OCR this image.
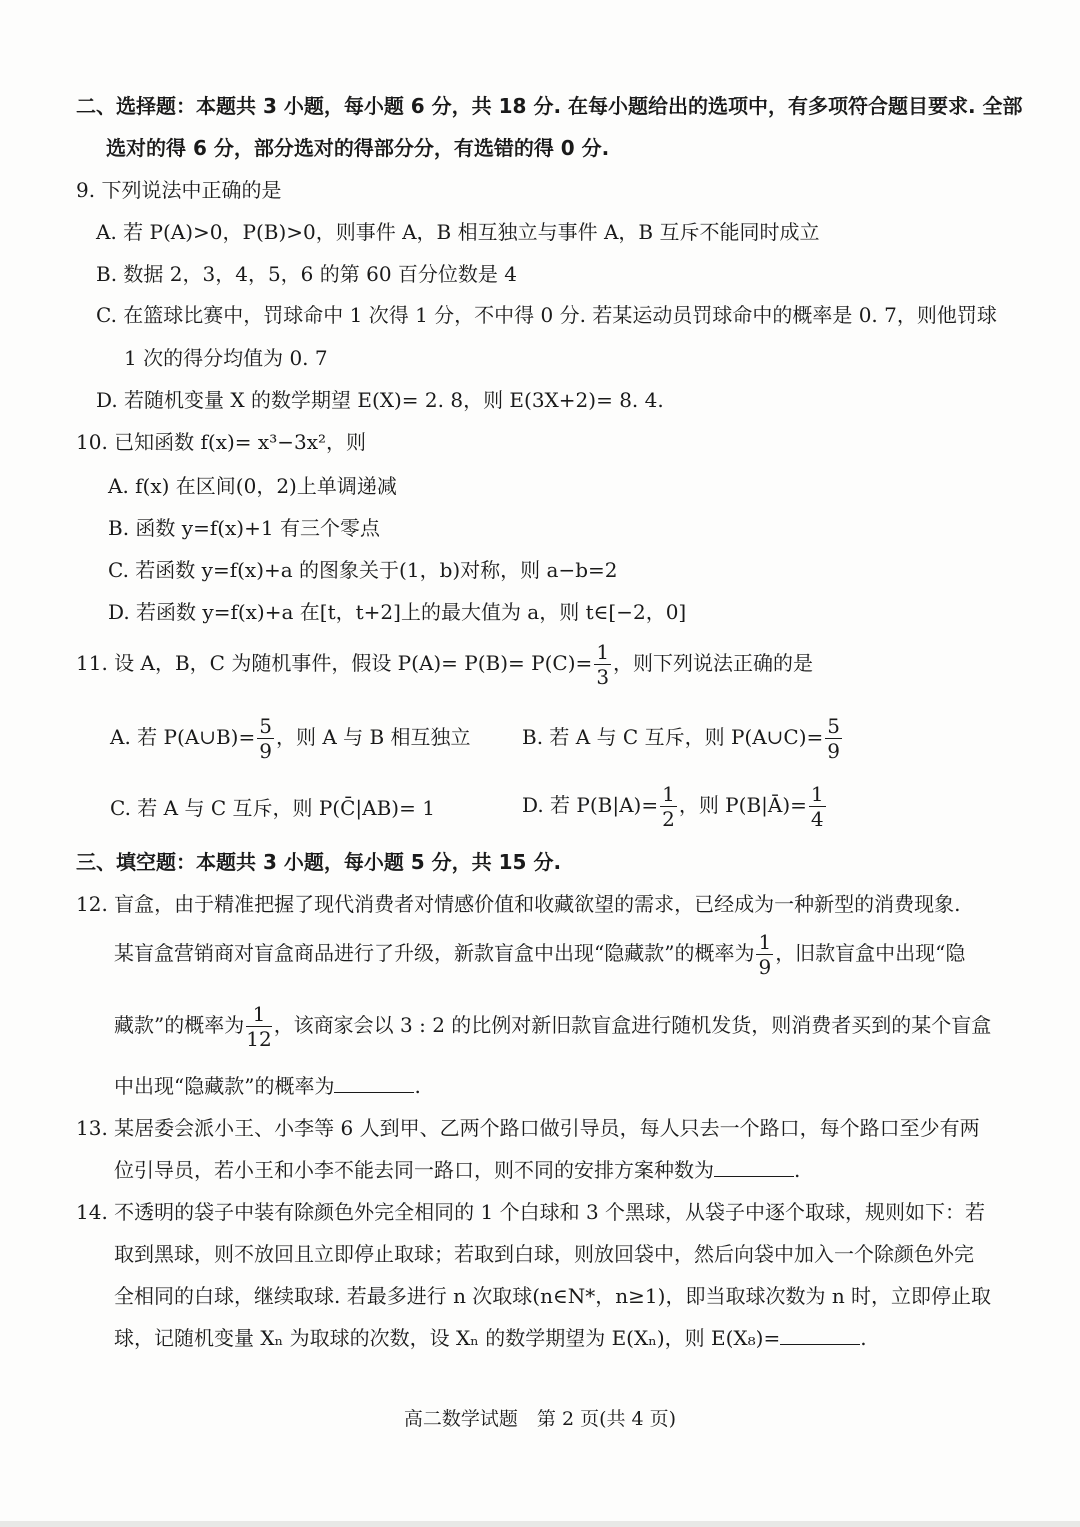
二、选择题：本题共 3 小题，每小题 6 分，共 18 分. 在每小题给出的选项中，有多项符合题目要求. 全部
选对的得 6 分，部分选对的得部分分，有选错的得 0 分.
9. 下列说法中正确的是
A. 若 P(A)>0，P(B)>0，则事件 A，B 相互独立与事件 A，B 互斥不能同时成立
B. 数据 2，3，4，5，6 的第 60 百分位数是 4
C. 在篮球比赛中，罚球命中 1 次得 1 分，不中得 0 分. 若某运动员罚球命中的概率是 0. 7，则他罚球
1 次的得分均值为 0. 7
D. 若随机变量 X 的数学期望 E(X)= 2. 8，则 E(3X+2)= 8. 4.
10. 已知函数 f(x)= x³−3x²，则
A. f(x) 在区间(0，2)上单调递减
B. 函数 y=f(x)+1 有三个零点
C. 若函数 y=f(x)+a 的图象关于(1，b)对称，则 a−b=2
D. 若函数 y=f(x)+a 在[t，t+2]上的最大值为 a，则 t∈[−2，0]
11. 设 A，B，C 为随机事件，假设 $P(A)= P(B)= P(C)= \frac{1}{3}$ ，则下列说法正确的是
A. 若 P(A∪B)= $\frac{5}{9}$ ，则 A 与 B 相互独立	B. 若 A 与 C 互斥，则 P(A∪C)= $\frac{5}{9}$
C. 若 A 与 C 互斥，则 P(C̄|AB)= 1	D. 若 $P(B|A)= \frac{1}{2}$ ，则 P(B|Ā)= $\frac{1}{4}$
三、填空题：本题共 3 小题，每小题 5 分，共 15 分.
12. 盲盒，由于精准把握了现代消费者对情感价值和收藏欲望的需求，已经成为一种新型的消费现象.
某盲盒营销商对盲盒商品进行了升级，新款盲盒中出现“隐藏款”的概率为 $\frac{1}{9}$ ，旧款盲盒中出现“隐
藏款”的概率为 $\frac{1}{12}$ ，该商家会以 3 : 2 的比例对新旧款盲盒进行随机发货，则消费者买到的某个盲盒
中出现“隐藏款”的概率为	.
13. 某居委会派小王、小李等 6 人到甲、乙两个路口做引导员，每人只去一个路口，每个路口至少有两
位引导员，若小王和小李不能去同一路口，则不同的安排方案种数为	.
14. 不透明的袋子中装有除颜色外完全相同的 1 个白球和 3 个黑球，从袋子中逐个取球，规则如下：若
取到黑球，则不放回且立即停止取球；若取到白球，则放回袋中，然后向袋中加入一个除颜色外完
全相同的白球，继续取球. 若最多进行 n 次取球(n∈N*，n≥1)，即当取球次数为 n 时，立即停止取
球，记随机变量 Xₙ 为取球的次数，设 Xₙ 的数学期望为 E(Xₙ)，则 E(X₈)=	.
高二数学试题　第 2 页(共 4 页)
